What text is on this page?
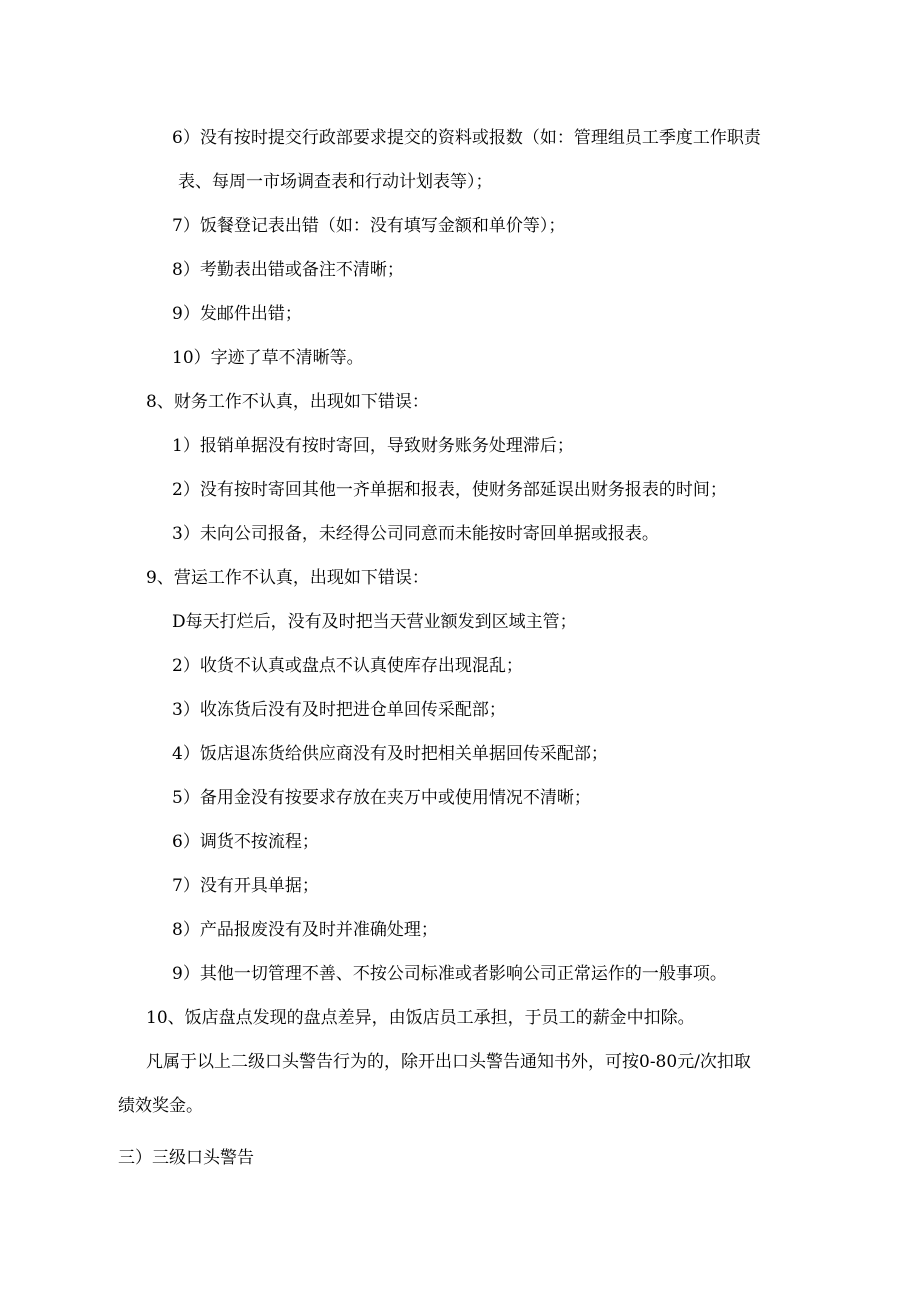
6）没有按时提交行政部要求提交的资料或报数（如：管理组员工季度工作职责
表、每周一市场调查表和行动计划表等）；
7）饭餐登记表出错（如：没有填写金额和单价等）；
8）考勤表出错或备注不清晰；
9）发邮件出错；
10）字迹了草不清晰等。
8、财务工作不认真，出现如下错误：
1）报销单据没有按时寄回，导致财务账务处理滞后；
2）没有按时寄回其他一齐单据和报表，使财务部延误出财务报表的时间；
3）未向公司报备，未经得公司同意而未能按时寄回单据或报表。
9、营运工作不认真，出现如下错误：
D每天打烂后，没有及时把当天营业额发到区域主管；
2）收货不认真或盘点不认真使库存出现混乱；
3）收冻货后没有及时把进仓单回传采配部；
4）饭店退冻货给供应商没有及时把相关单据回传采配部；
5）备用金没有按要求存放在夹万中或使用情况不清晰；
6）调货不按流程；
7）没有开具单据；
8）产品报废没有及时并准确处理；
9）其他一切管理不善、不按公司标准或者影响公司正常运作的一般事项。
10、饭店盘点发现的盘点差异，由饭店员工承担，于员工的薪金中扣除。
凡属于以上二级口头警告行为的，除开出口头警告通知书外，可按0-80元/次扣取
绩效奖金。
三）三级口头警告
